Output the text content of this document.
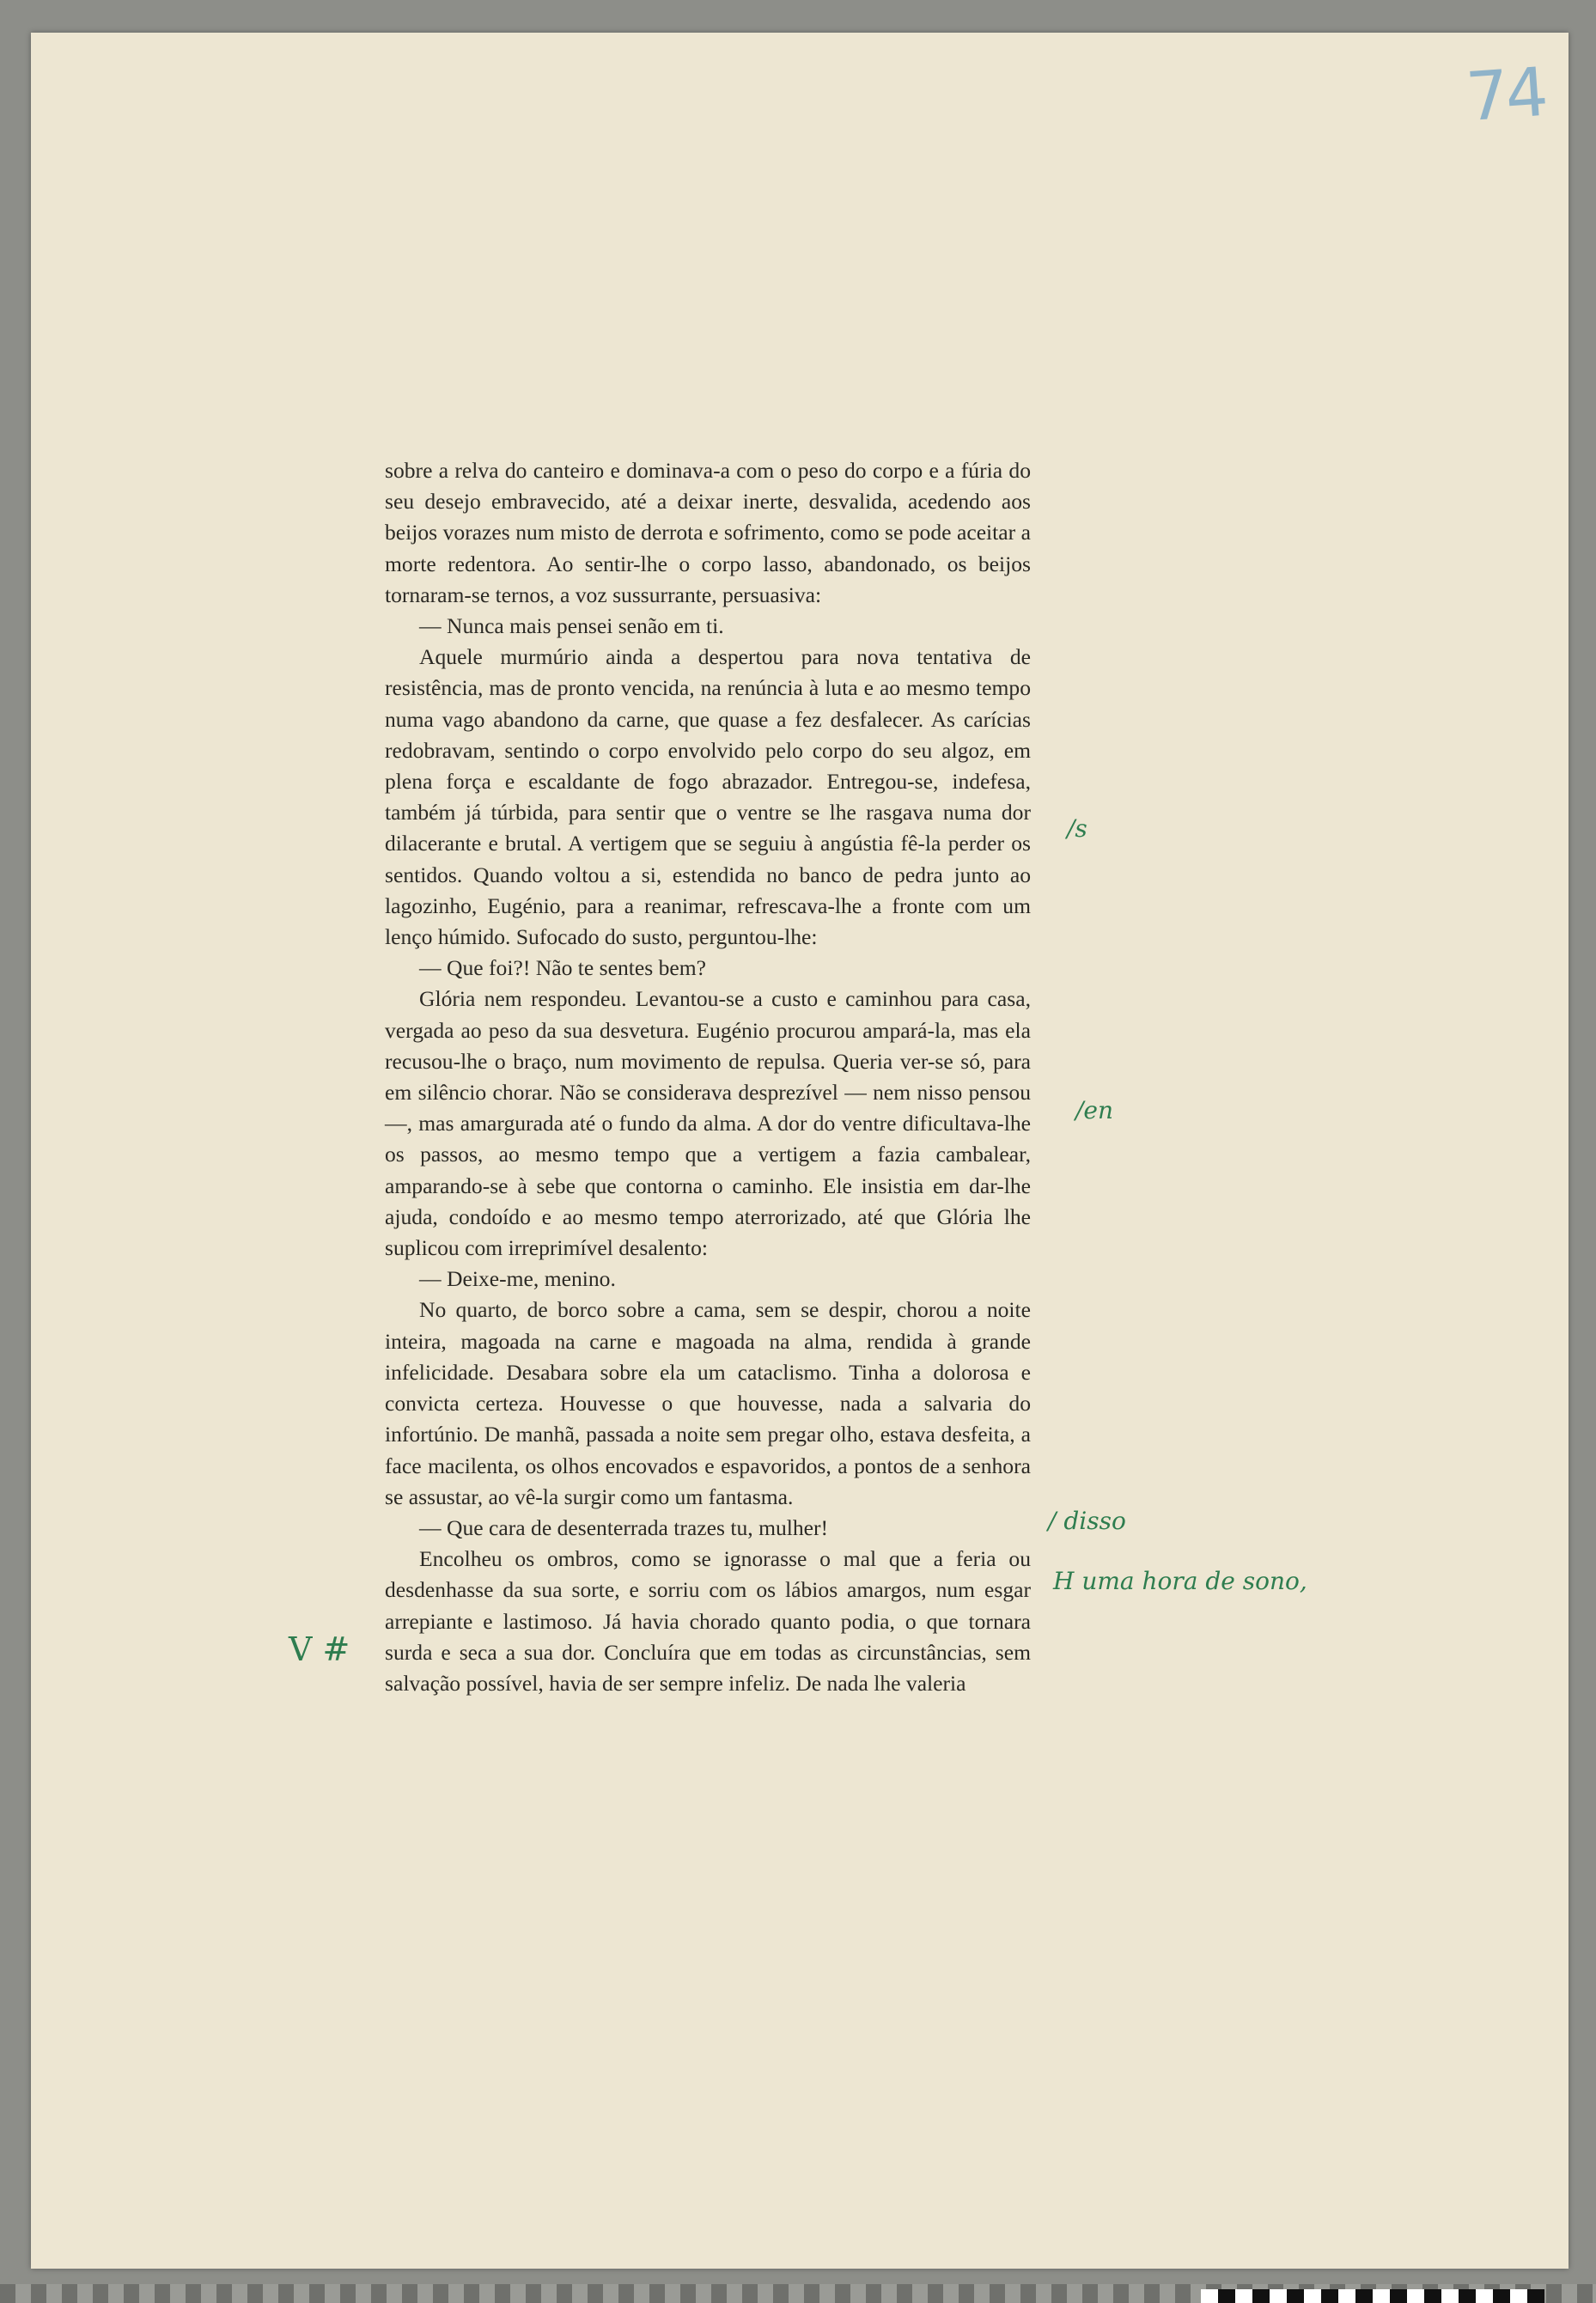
74

sobre a relva do canteiro e dominava-a com o peso do corpo e a fúria do seu desejo embravecido, até a deixar inerte, desvalida, acedendo aos beijos vorazes num misto de derrota e sofrimento, como se pode aceitar a morte redentora. Ao sentir-lhe o corpo lasso, abandonado, os beijos tornaram-se ternos, a voz sussurrante, persuasiva:

— Nunca mais pensei senão em ti.

Aquele murmúrio ainda a despertou para nova tentativa de resistência, mas de pronto vencida, na renúncia à luta e ao mesmo tempo numa vago abandono da carne, que quase a fez desfalecer. As carícias redobravam, sentindo o corpo envolvido pelo corpo do seu algoz, em plena força e escaldante de fogo abrazador. Entregou-se, indefesa, também já túrbida, para sentir que o ventre se lhe rasgava numa dor dilacerante e brutal. A vertigem que se seguiu à angústia fê-la perder os sentidos. Quando voltou a si, estendida no banco de pedra junto ao lagozinho, Eugénio, para a reanimar, refrescava-lhe a fronte com um lenço húmido. Sufocado do susto, perguntou-lhe:

— Que foi?! Não te sentes bem?

Glória nem respondeu. Levantou-se a custo e caminhou para casa, vergada ao peso da sua desvetura. Eugénio procurou ampará-la, mas ela recusou-lhe o braço, num movimento de repulsa. Queria ver-se só, para em silêncio chorar. Não se considerava desprezível — nem nisso pensou —, mas amargurada até o fundo da alma. A dor do ventre dificultava-lhe os passos, ao mesmo tempo que a vertigem a fazia cambalear, amparando-se à sebe que contorna o caminho. Ele insistia em dar-lhe ajuda, condoído e ao mesmo tempo aterrorizado, até que Glória lhe suplicou com irreprimível desalento:

— Deixe-me, menino.

No quarto, de borco sobre a cama, sem se despir, chorou a noite inteira, magoada na carne e magoada na alma, rendida à grande infelicidade. Desabara sobre ela um cataclismo. Tinha a dolorosa e convicta certeza. Houvesse o que houvesse, nada a salvaria do infortúnio. De manhã, passada a noite sem pregar olho, estava desfeita, a face macilenta, os olhos encovados e espavoridos, a pontos de a senhora se assustar, ao vê-la surgir como um fantasma.

— Que cara de desenterrada trazes tu, mulher!

Encolheu os ombros, como se ignorasse o mal que a feria ou desdenhasse da sua sorte, e sorriu com os lábios amargos, num esgar arrepiante e lastimoso. Já havia chorado quanto podia, o que tornara surda e seca a sua dor. Concluíra que em todas as circunstâncias, sem salvação possível, havia de ser sempre infeliz. De nada lhe valeria

/s
/en
/ disso
H uma hora de sono,
V #
